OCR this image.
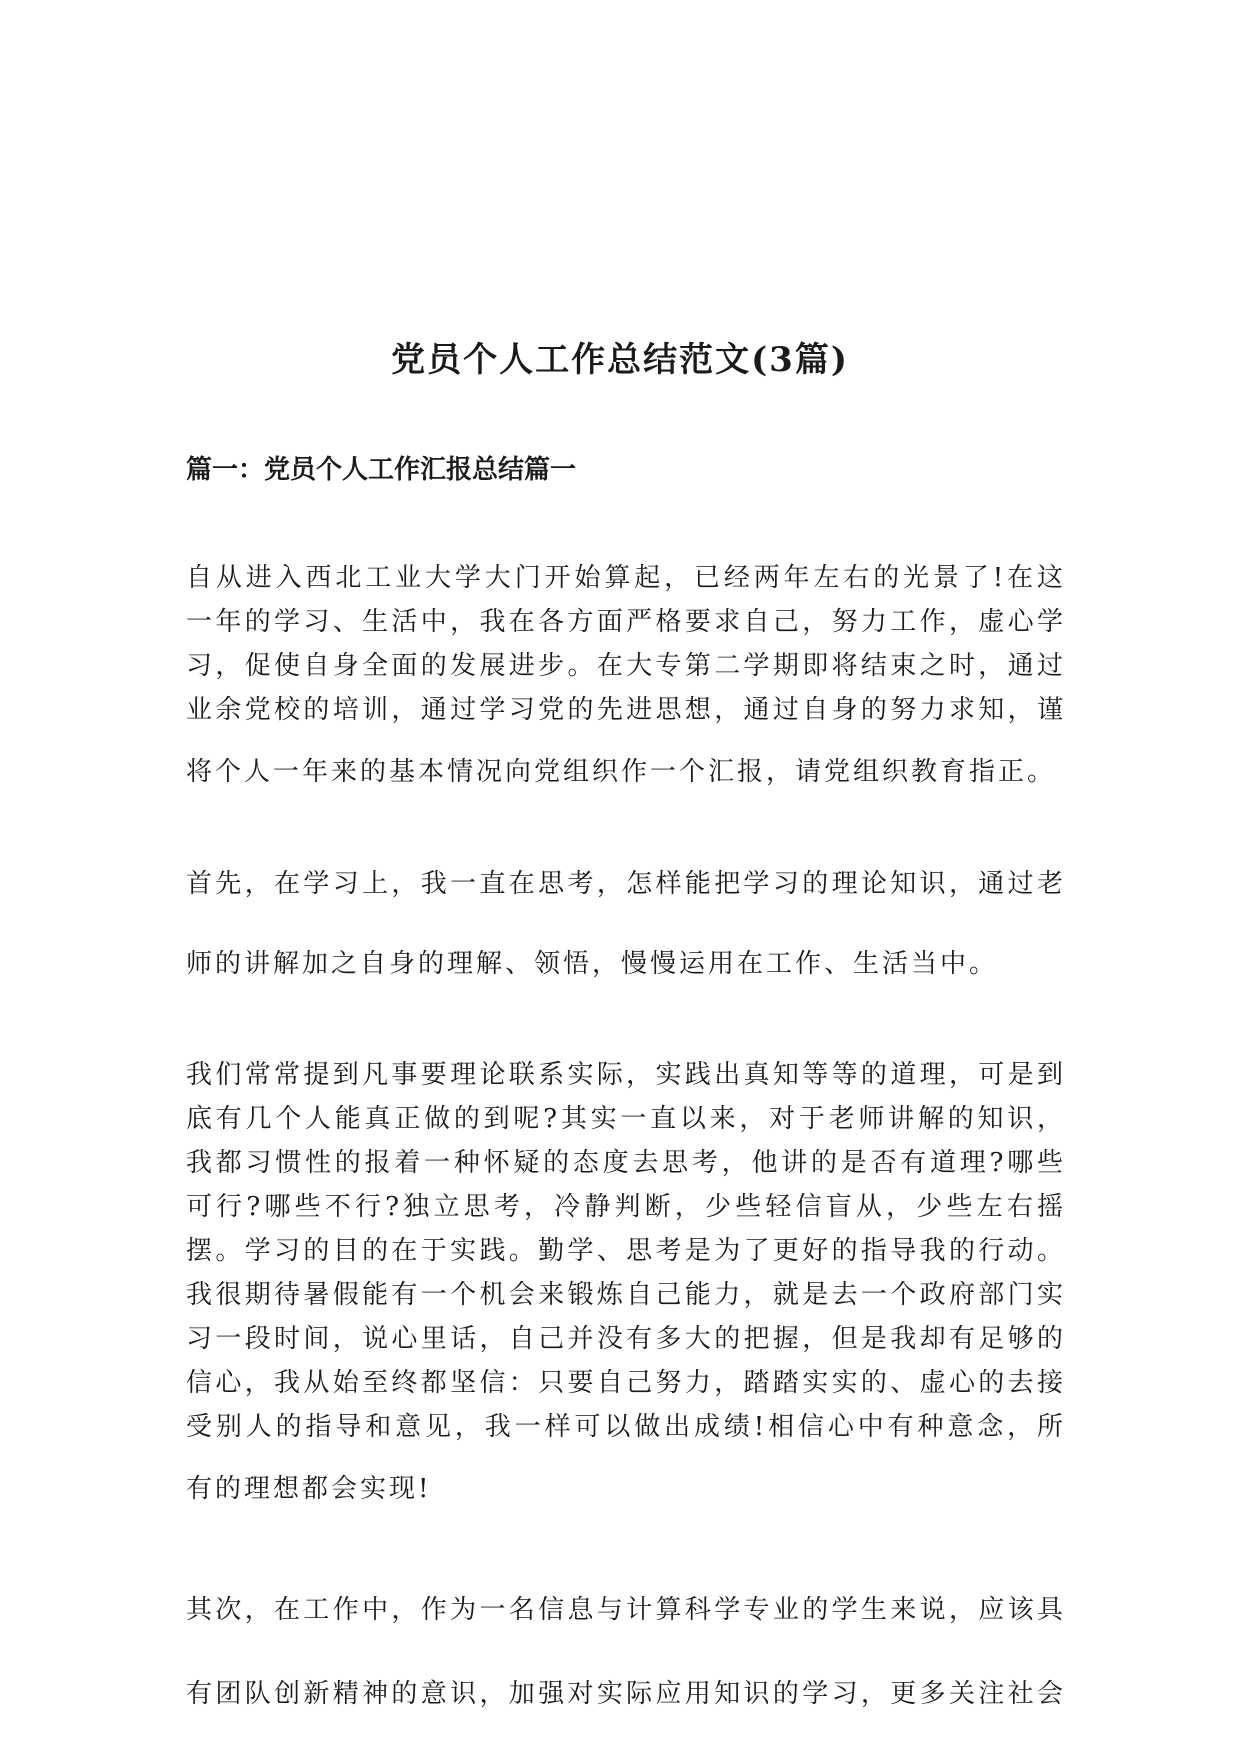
党员个人工作总结范文(3篇)
篇一：党员个人工作汇报总结篇一
自从进入西北工业大学大门开始算起，已经两年左右的光景了!在这
一年的学习、生活中，我在各方面严格要求自己，努力工作，虚心学
习，促使自身全面的发展进步。在大专第二学期即将结束之时，通过
业余党校的培训，通过学习党的先进思想，通过自身的努力求知，谨
将个人一年来的基本情况向党组织作一个汇报，请党组织教育指正。
首先，在学习上，我一直在思考，怎样能把学习的理论知识，通过老
师的讲解加之自身的理解、领悟，慢慢运用在工作、生活当中。
我们常常提到凡事要理论联系实际，实践出真知等等的道理，可是到
底有几个人能真正做的到呢?其实一直以来，对于老师讲解的知识，
我都习惯性的报着一种怀疑的态度去思考，他讲的是否有道理?哪些
可行?哪些不行?独立思考，冷静判断，少些轻信盲从，少些左右摇
摆。学习的目的在于实践。勤学、思考是为了更好的指导我的行动。
我很期待暑假能有一个机会来锻炼自己能力，就是去一个政府部门实
习一段时间，说心里话，自己并没有多大的把握，但是我却有足够的
信心，我从始至终都坚信：只要自己努力，踏踏实实的、虚心的去接
受别人的指导和意见，我一样可以做出成绩!相信心中有种意念，所
有的理想都会实现!
其次，在工作中，作为一名信息与计算科学专业的学生来说，应该具
有团队创新精神的意识，加强对实际应用知识的学习，更多关注社会
